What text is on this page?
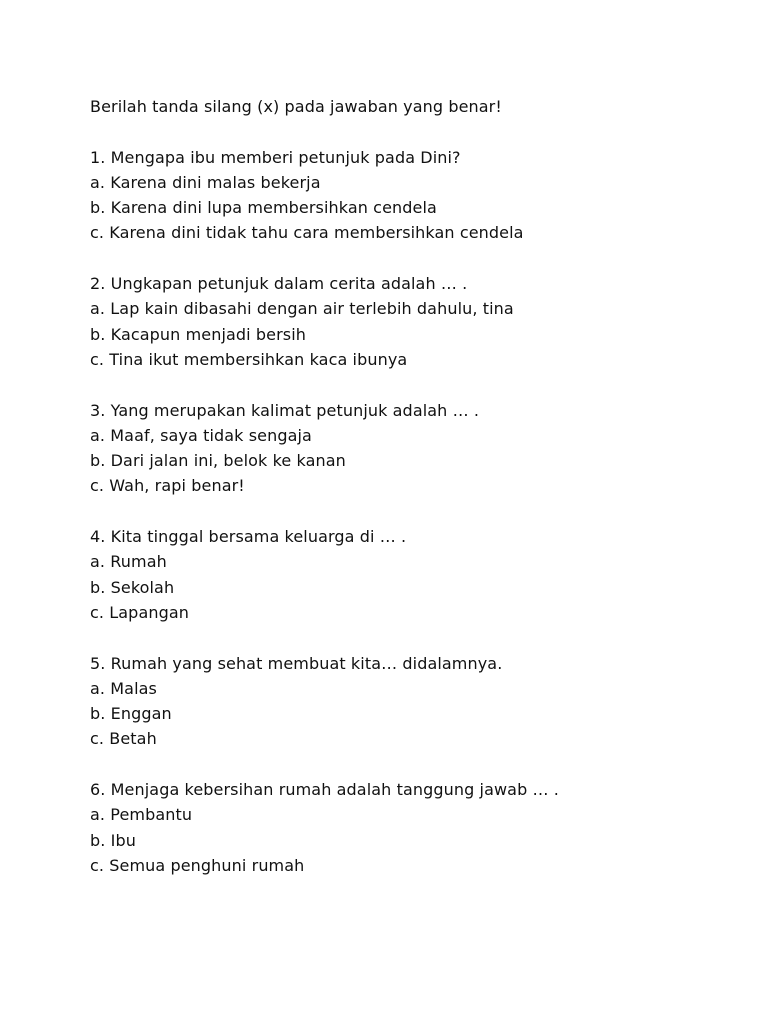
Berilah tanda silang (x) pada jawaban yang benar!
1. Mengapa ibu memberi petunjuk pada Dini?
a. Karena dini malas bekerja
b. Karena dini lupa membersihkan cendela
c. Karena dini tidak tahu cara membersihkan cendela
2. Ungkapan petunjuk dalam cerita adalah … .
a. Lap kain dibasahi dengan air terlebih dahulu, tina
b. Kacapun menjadi bersih
c. Tina ikut membersihkan kaca ibunya
3. Yang merupakan kalimat petunjuk adalah … .
a. Maaf, saya tidak sengaja
b. Dari jalan ini, belok ke kanan
c. Wah, rapi benar!
4. Kita tinggal bersama keluarga di … .
a. Rumah
b. Sekolah
c. Lapangan
5. Rumah yang sehat membuat kita… didalamnya.
a. Malas
b. Enggan
c. Betah
6. Menjaga kebersihan rumah adalah tanggung jawab … .
a. Pembantu
b. Ibu
c. Semua penghuni rumah
